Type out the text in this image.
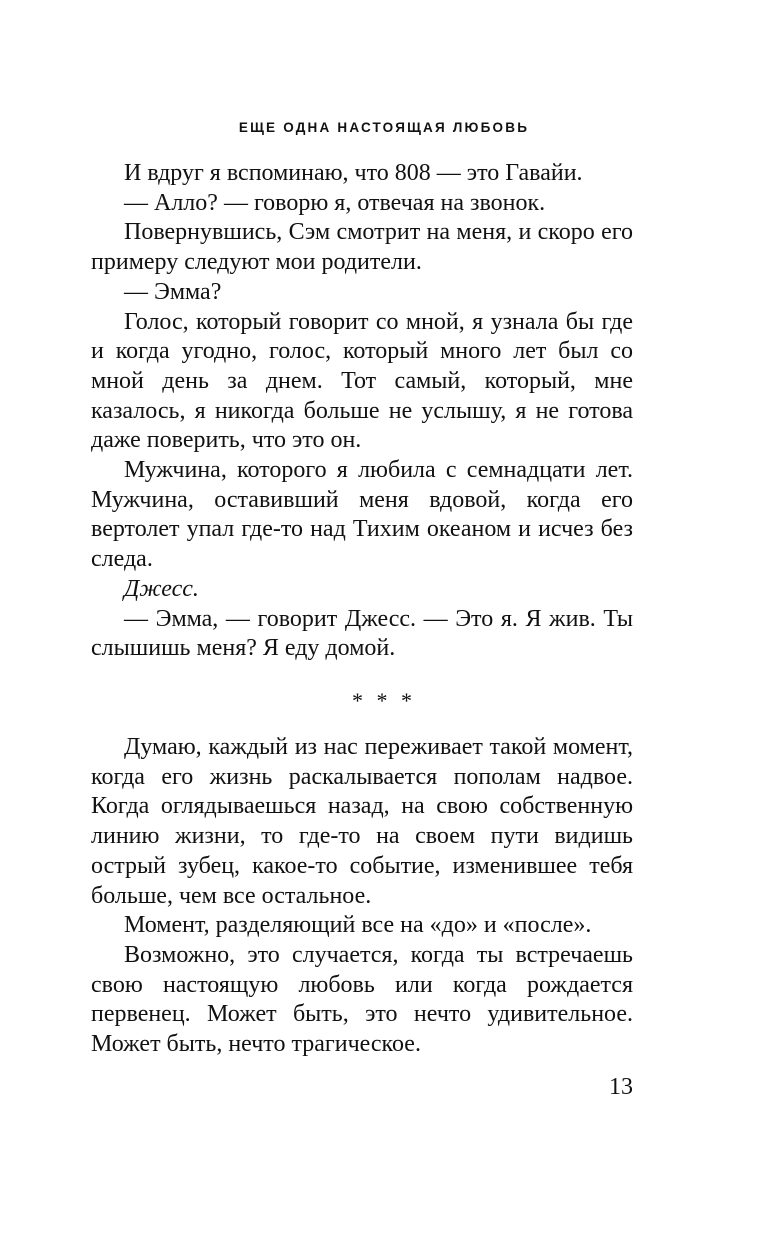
ЕЩЕ ОДНА НАСТОЯЩАЯ ЛЮБОВЬ

И вдруг я вспоминаю, что 808 — это Гавайи.

— Алло? — говорю я, отвечая на звонок.

Повернувшись, Сэм смотрит на меня, и скоро его примеру следуют мои родители.

— Эмма?

Голос, который говорит со мной, я узнала бы где и когда угодно, голос, который много лет был со мной день за днем. Тот самый, который, мне казалось, я никогда больше не услышу, я не готова даже поверить, что это он.

Мужчина, которого я любила с семнадцати лет. Мужчина, оставивший меня вдовой, когда его вертолет упал где-то над Тихим океаном и исчез без следа.

Джесс.

— Эмма, — говорит Джесс. — Это я. Я жив. Ты слышишь меня? Я еду домой.

* * *

Думаю, каждый из нас переживает такой момент, когда его жизнь раскалывается пополам надвое. Когда оглядываешься назад, на свою собственную линию жизни, то где-то на своем пути видишь острый зубец, какое-то событие, изменившее тебя больше, чем все остальное.

Момент, разделяющий все на «до» и «после».

Возможно, это случается, когда ты встречаешь свою настоящую любовь или когда рождается первенец. Может быть, это нечто удивительное. Может быть, нечто трагическое.

13
